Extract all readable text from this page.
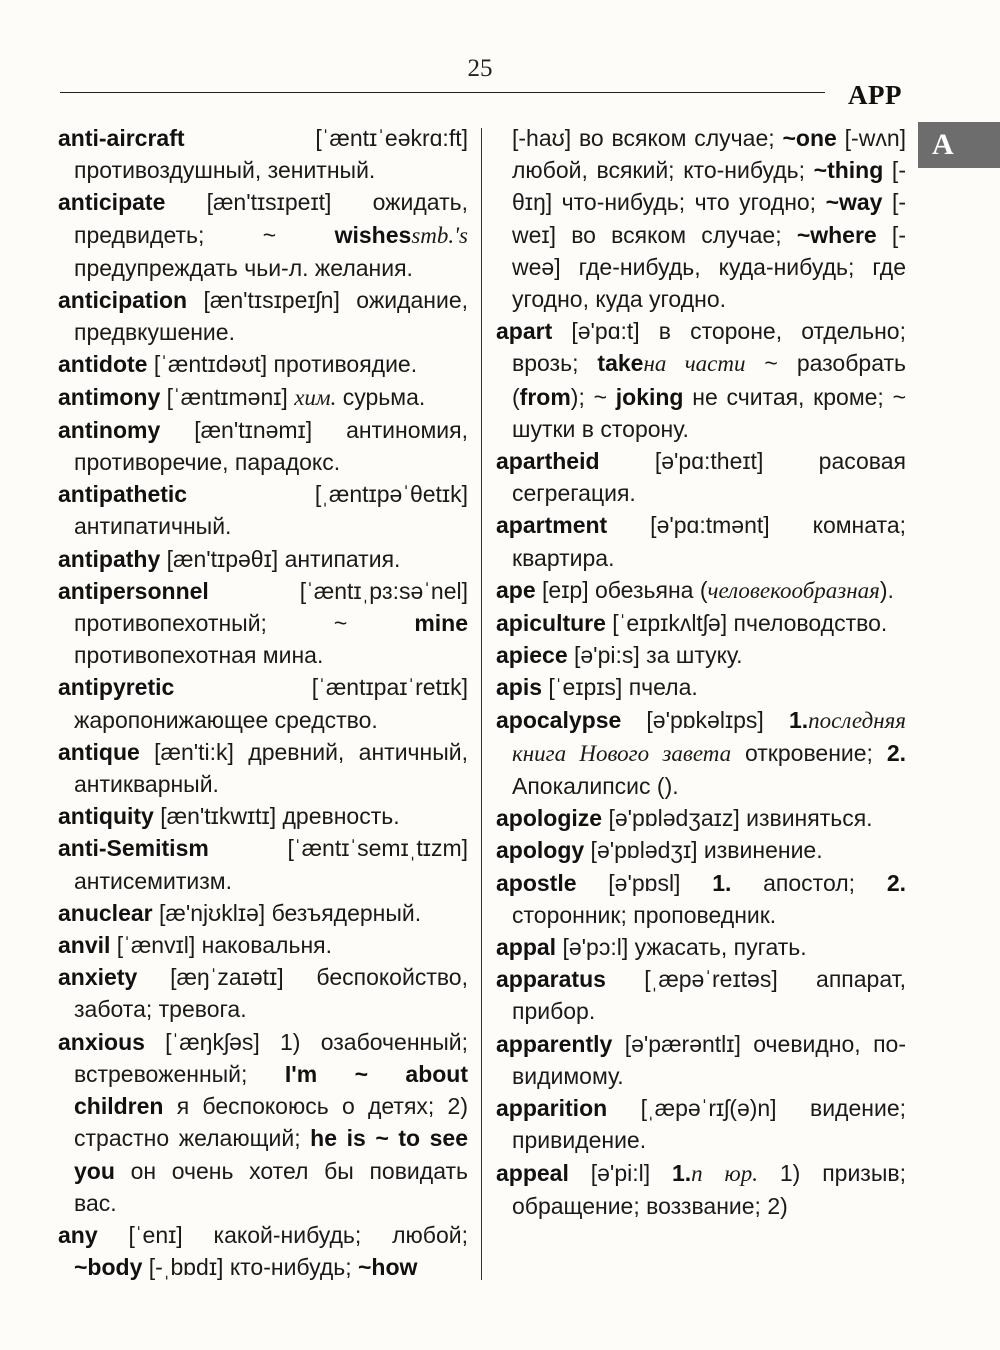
25
APP
A

anti-aircraft [ˈæntɪˈeəkrɑ:ft] противоздушный, зенитный.

anticipate [æn'tɪsɪpeɪt] ожидать, предвидеть; ~ wishessmb.'s предупреждать чьи-л. желания.

anticipation [æn'tɪsɪpeɪʃn] ожидание, предвкушение.

antidote [ˈæntɪdəʊt] противоядие.

antimony [ˈæntɪmənɪ] хим. сурьма.

antinomy [æn'tɪnəmɪ] антиномия, противоречие, парадокс.

antipathetic [ˌæntɪpəˈθetɪk] антипатичный.

antipathy [æn'tɪpəθɪ] антипатия.

antipersonnel [ˈæntɪˌpɜ:səˈnel] противопехотный; ~ mine противопехотная мина.

antipyretic [ˈæntɪpaɪˈretɪk] жаропонижающее средство.

antique [æn'ti:k] древний, античный, антикварный.

antiquity [æn'tɪkwɪtɪ] древность.

anti-Semitism [ˈæntɪˈsemɪˌtɪzm] антисемитизм.

anuclear [æ'njʊklɪə] безъядерный.

anvil [ˈænvɪl] наковальня.

anxiety [æŋˈzaɪətɪ] беспокойство, забота; тревога.

anxious [ˈæŋkʃəs] 1) озабоченный; встревоженный; I'm ~ about children я беспокоюсь о детях; 2) страстно желающий; he is ~ to see you он очень хотел бы повидать вас.

any [ˈenɪ] какой-нибудь; любой; ~body [-ˌbɒdɪ] кто-нибудь; ~how

[-haʊ] во всяком случае; ~one [-wʌn] любой, всякий; кто-нибудь; ~thing [-θɪŋ] что-нибудь; что угодно; ~way [-weɪ] во всяком случае; ~where [-weə] где-нибудь, куда-нибудь; где угодно, куда угодно.

apart [ə'pɑ:t] в стороне, отдельно; врозь; takeна части ~ разобрать (from); ~ joking не считая, кроме; ~ шутки в сторону.

apartheid [ə'pɑ:theɪt] расовая сегрегация.

apartment [ə'pɑ:tmənt] комната; квартира.

ape [eɪp] обезьяна (человекообразная).

apiculture [ˈeɪpɪkʌltʃə] пчеловодство.

apiece [ə'pi:s] за штуку.

apis [ˈeɪpɪs] пчела.

apocalypse [ə'pɒkəlɪps] 1.последняя книга Нового завета откровение; 2. Апокалипсис ().

apologize [ə'pɒlədʒaɪz] извиняться.

apology [ə'pɒlədʒɪ] извинение.

apostle [ə'pɒsl] 1. апостол; 2. сторонник; проповедник.

appal [ə'pɔ:l] ужасать, пугать.

apparatus [ˌæpəˈreɪtəs] аппарат, прибор.

apparently [ə'pærəntlɪ] очевидно, по-видимому.

apparition [ˌæpəˈrɪʃ(ə)n] видение; привидение.

appeal [ə'pi:l] 1.n юр. 1) призыв; обращение; воззвание; 2)
